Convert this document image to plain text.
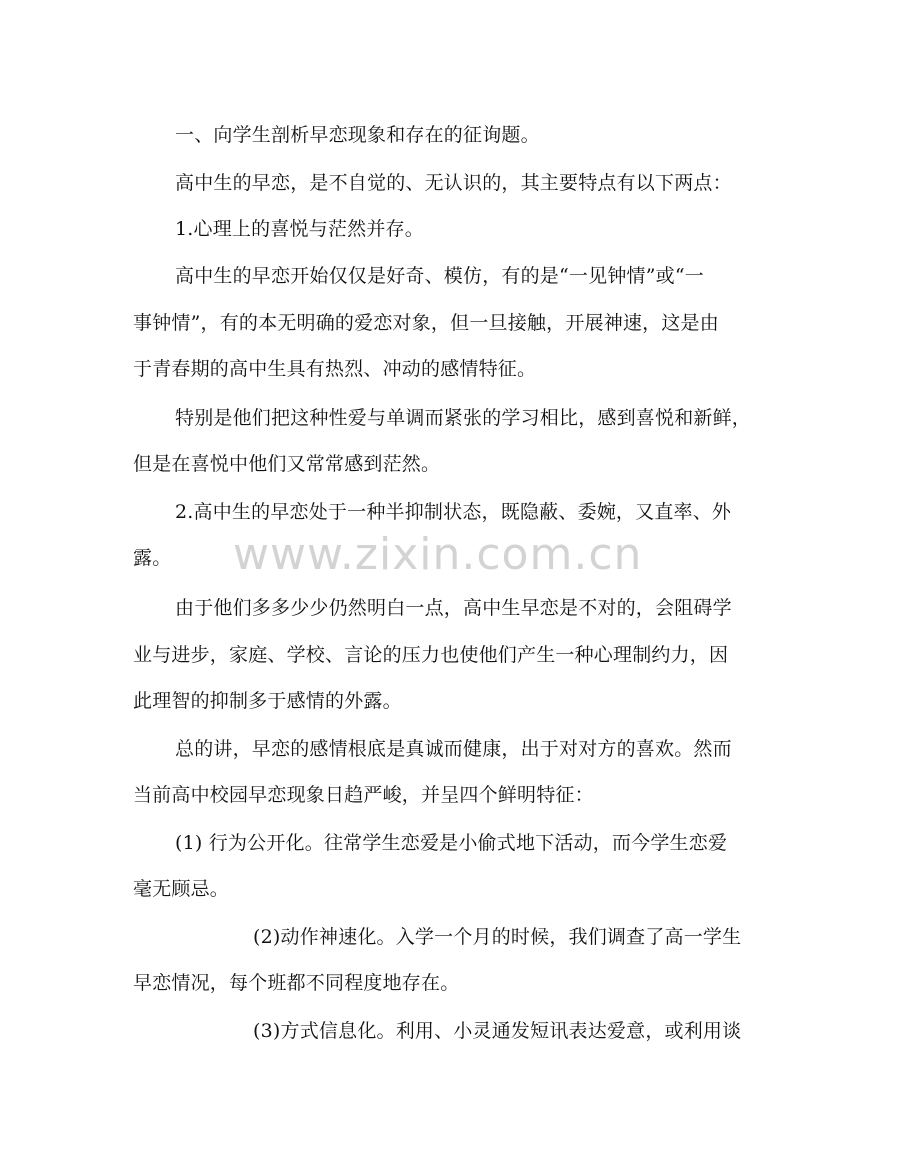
一、向学生剖析早恋现象和存在的征询题。
高中生的早恋，是不自觉的、无认识的，其主要特点有以下两点：
1.心理上的喜悦与茫然并存。
高中生的早恋开始仅仅是好奇、模仿，有的是“一见钟情”或“一
事钟情”，有的本无明确的爱恋对象，但一旦接触，开展神速，这是由
于青春期的高中生具有热烈、冲动的感情特征。
特别是他们把这种性爱与单调而紧张的学习相比，感到喜悦和新鲜，
但是在喜悦中他们又常常感到茫然。
2.高中生的早恋处于一种半抑制状态，既隐蔽、委婉，又直率、外
露。
由于他们多多少少仍然明白一点，高中生早恋是不对的，会阻碍学
业与进步，家庭、学校、言论的压力也使他们产生一种心理制约力，因
此理智的抑制多于感情的外露。
总的讲，早恋的感情根底是真诚而健康，出于对对方的喜欢。然而
当前高中校园早恋现象日趋严峻，并呈四个鲜明特征：
(1) 行为公开化。往常学生恋爱是小偷式地下活动，而今学生恋爱
毫无顾忌。
(2)动作神速化。入学一个月的时候，我们调查了高一学生
早恋情况，每个班都不同程度地存在。
(3)方式信息化。利用、小灵通发短讯表达爱意，或利用谈
www.zixin.com.cn
